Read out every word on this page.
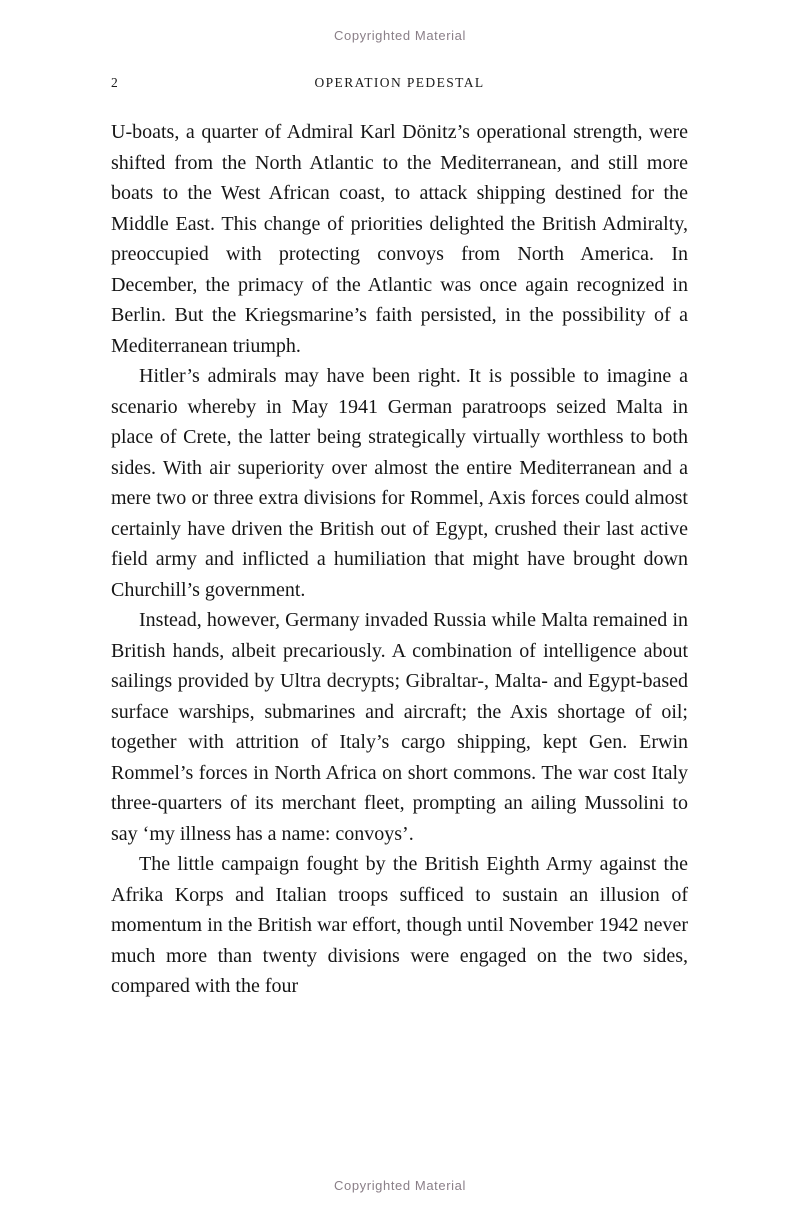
Copyrighted Material
2	OPERATION PEDESTAL

U-boats, a quarter of Admiral Karl Dönitz’s operational strength, were shifted from the North Atlantic to the Mediterranean, and still more boats to the West African coast, to attack shipping destined for the Middle East. This change of priorities delighted the British Admiralty, preoccupied with protecting convoys from North America. In December, the primacy of the Atlantic was once again recognized in Berlin. But the Kriegsmarine’s faith persisted, in the possibility of a Mediterranean triumph.

Hitler’s admirals may have been right. It is possible to imagine a scenario whereby in May 1941 German paratroops seized Malta in place of Crete, the latter being strategically virtually worthless to both sides. With air superiority over almost the entire Mediterranean and a mere two or three extra divisions for Rommel, Axis forces could almost certainly have driven the British out of Egypt, crushed their last active field army and inflicted a humiliation that might have brought down Churchill’s government.

Instead, however, Germany invaded Russia while Malta remained in British hands, albeit precariously. A combination of intelligence about sailings provided by Ultra decrypts; Gibraltar-, Malta- and Egypt-based surface warships, submarines and aircraft; the Axis shortage of oil; together with attrition of Italy’s cargo shipping, kept Gen. Erwin Rommel’s forces in North Africa on short commons. The war cost Italy three-quarters of its merchant fleet, prompting an ailing Mussolini to say ‘my illness has a name: convoys’.

The little campaign fought by the British Eighth Army against the Afrika Korps and Italian troops sufficed to sustain an illusion of momentum in the British war effort, though until November 1942 never much more than twenty divisions were engaged on the two sides, compared with the four

Copyrighted Material
